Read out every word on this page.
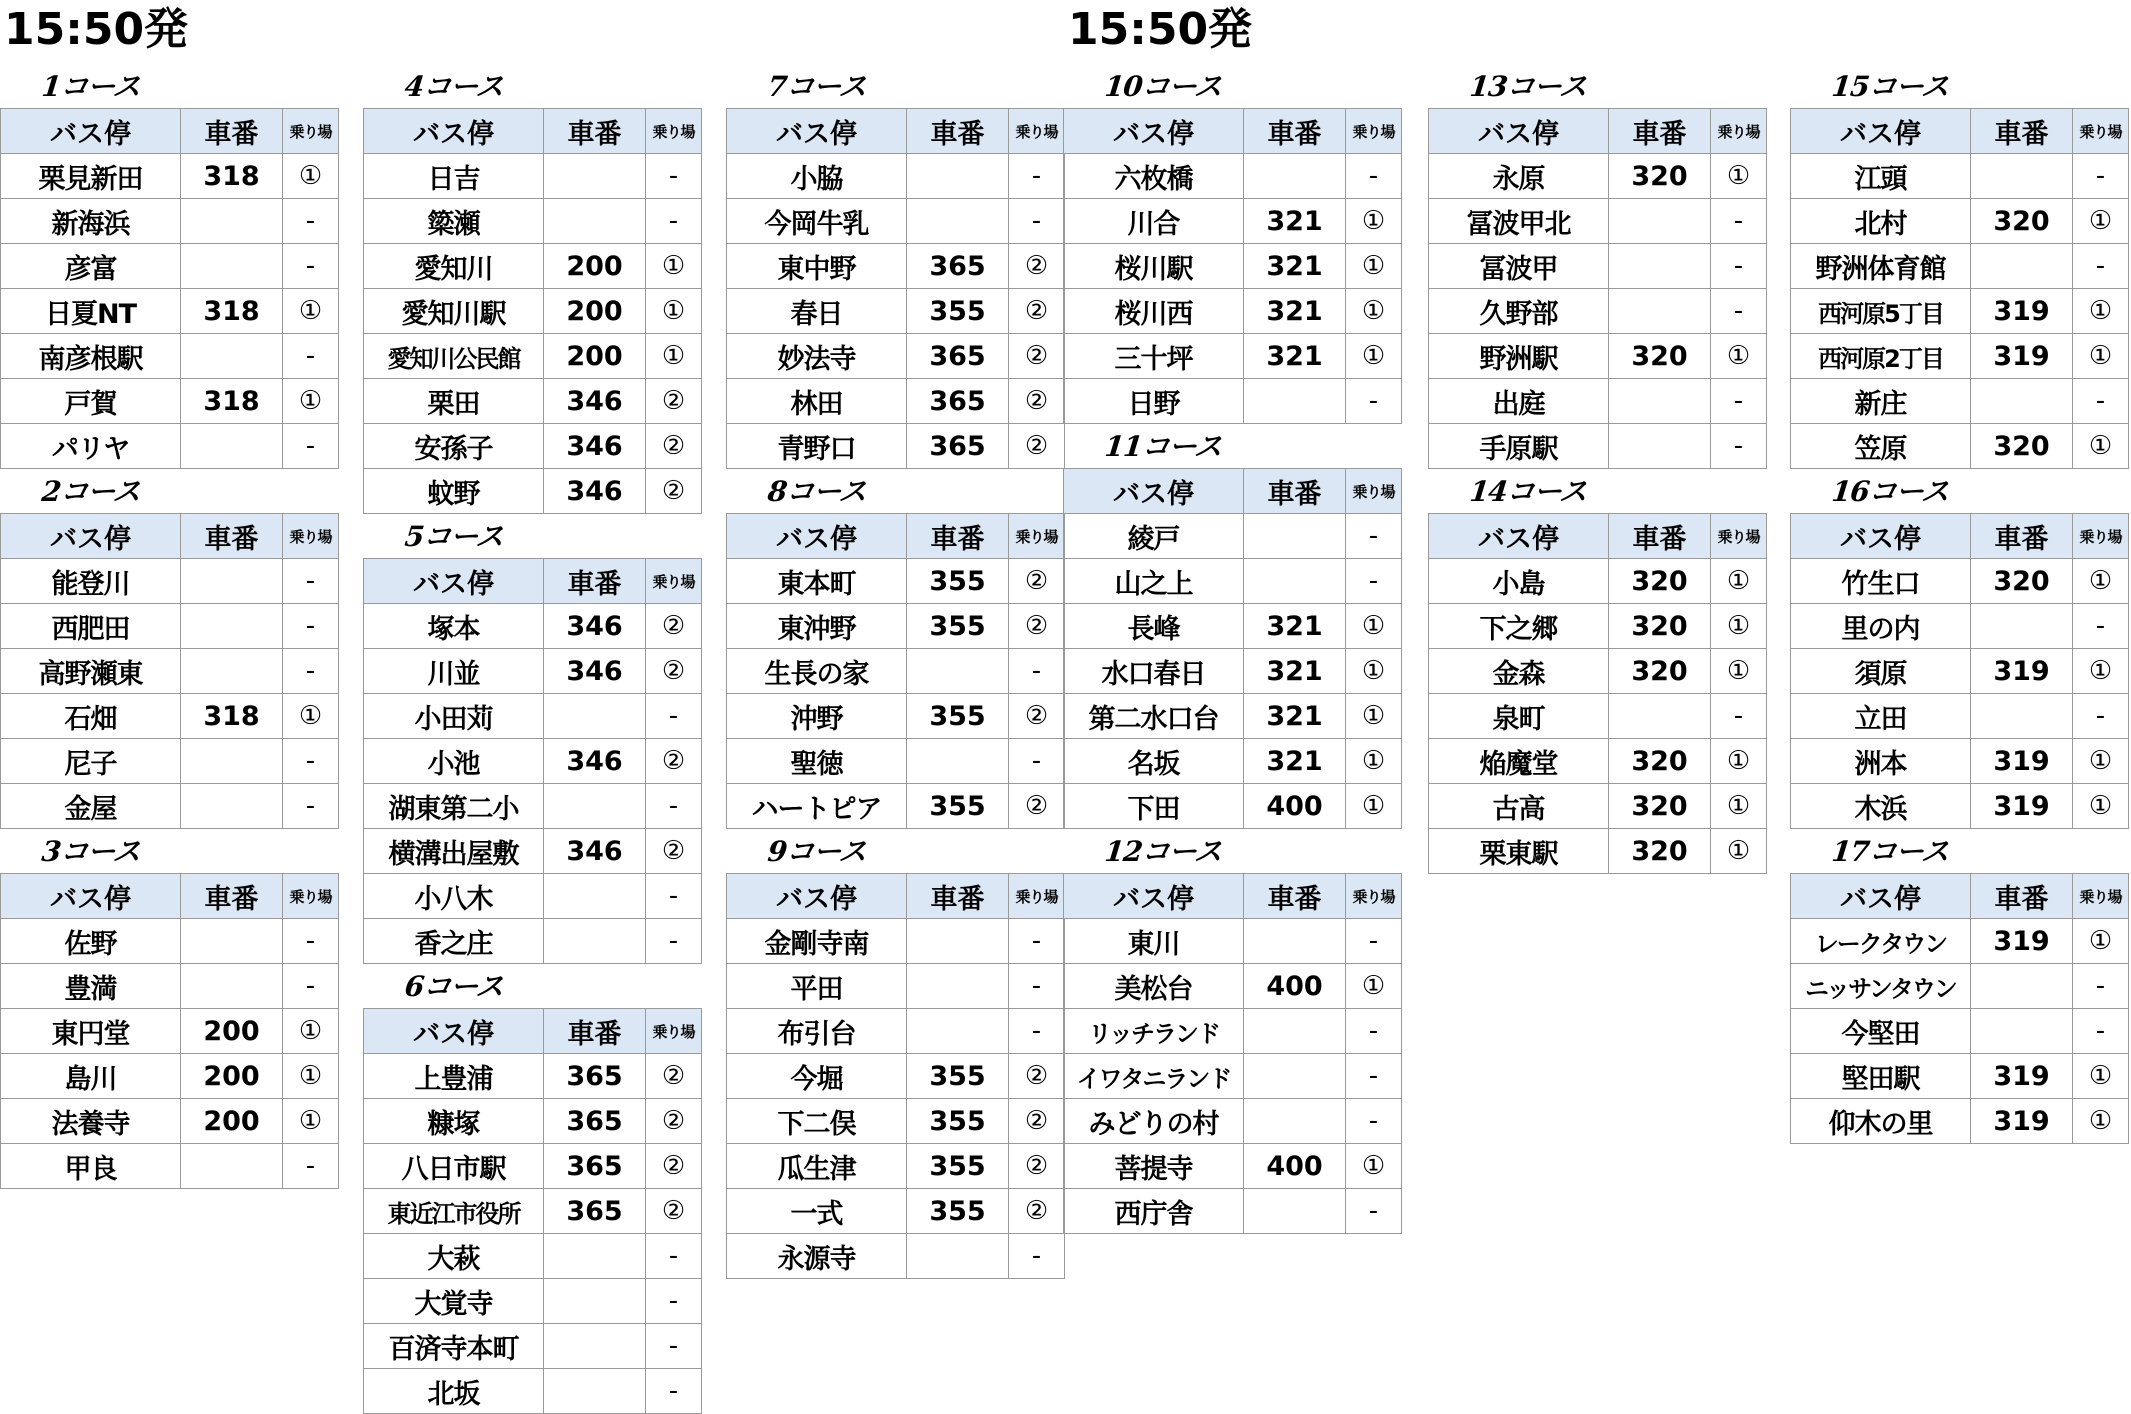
15:50発	15:50発
1コース
バス停	車番	乗り場
栗見新田	318	①
新海浜		-
彦富		-
日夏NT	318	①
南彦根駅		-
戸賀	318	①
パリヤ		-
2コース
バス停	車番	乗り場
能登川		-
西肥田		-
高野瀬東		-
石畑	318	①
尼子		-
金屋		-
3コース
バス停	車番	乗り場
佐野		-
豊満		-
東円堂	200	①
島川	200	①
法養寺	200	①
甲良		-
4コース
バス停	車番	乗り場
日吉		-
簗瀬		-
愛知川	200	①
愛知川駅	200	①
愛知川公民館	200	①
栗田	346	②
安孫子	346	②
蚊野	346	②
5コース
バス停	車番	乗り場
塚本	346	②
川並	346	②
小田苅		-
小池	346	②
湖東第二小		-
横溝出屋敷	346	②
小八木		-
香之庄		-
6コース
バス停	車番	乗り場
上豊浦	365	②
糠塚	365	②
八日市駅	365	②
東近江市役所	365	②
大萩		-
大覚寺		-
百済寺本町		-
北坂		-
7コース
バス停	車番	乗り場
小脇		-
今岡牛乳		-
東中野	365	②
春日	355	②
妙法寺	365	②
林田	365	②
青野口	365	②
8コース
バス停	車番	乗り場
東本町	355	②
東沖野	355	②
生長の家		-
沖野	355	②
聖徳		-
ハートピア	355	②
9コース
バス停	車番	乗り場
金剛寺南		-
平田		-
布引台		-
今堀	355	②
下二俣	355	②
瓜生津	355	②
一式	355	②
永源寺		-
10コース
バス停	車番	乗り場
六枚橋		-
川合	321	①
桜川駅	321	①
桜川西	321	①
三十坪	321	①
日野		-
11コース
バス停	車番	乗り場
綾戸		-
山之上		-
長峰	321	①
水口春日	321	①
第二水口台	321	①
名坂	321	①
下田	400	①
12コース
バス停	車番	乗り場
東川		-
美松台	400	①
リッチランド		-
イワタニランド		-
みどりの村		-
菩提寺	400	①
西庁舎		-
13コース
バス停	車番	乗り場
永原	320	①
冨波甲北		-
冨波甲		-
久野部		-
野洲駅	320	①
出庭		-
手原駅		-
14コース
バス停	車番	乗り場
小島	320	①
下之郷	320	①
金森	320	①
泉町		-
焔魔堂	320	①
古高	320	①
栗東駅	320	①
15コース
バス停	車番	乗り場
江頭		-
北村	320	①
野洲体育館		-
西河原5丁目	319	①
西河原2丁目	319	①
新庄		-
笠原	320	①
16コース
バス停	車番	乗り場
竹生口	320	①
里の内		-
須原	319	①
立田		-
洲本	319	①
木浜	319	①
17コース
バス停	車番	乗り場
レークタウン	319	①
ニッサンタウン		-
今堅田		-
堅田駅	319	①
仰木の里	319	①
